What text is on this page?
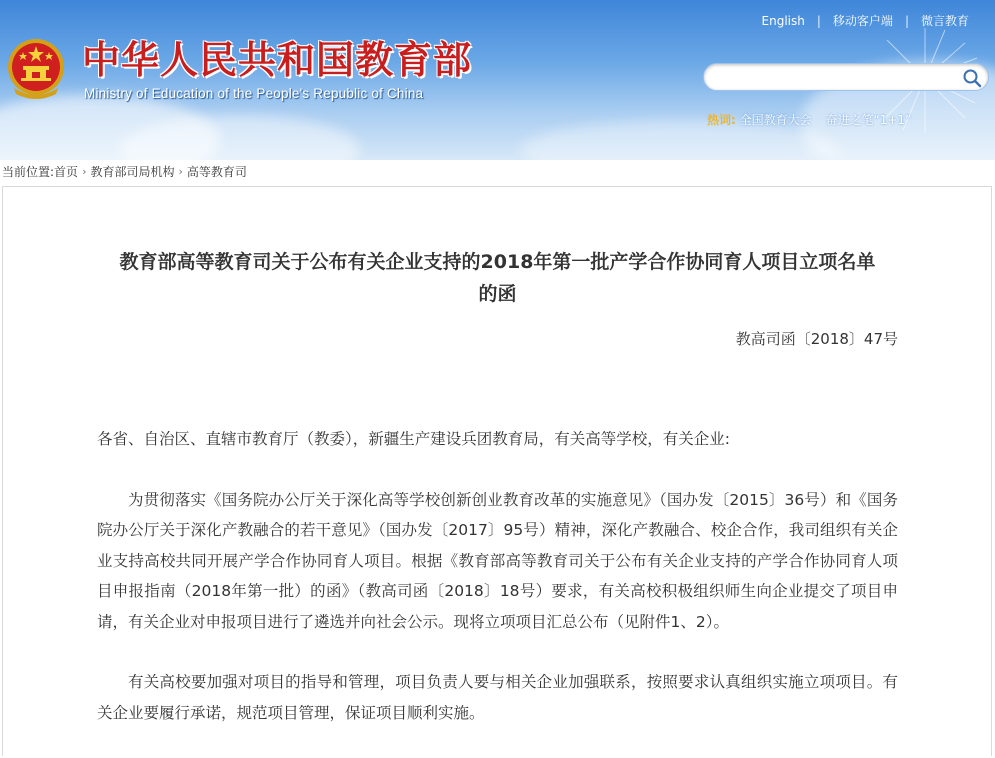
中华人民共和国教育部
Ministry of Education of the People's Republic of China
English | 移动客户端 | 微言教育
热词: 全国教育大会 奋进之笔“1+1”
当前位置: 首页 › 教育部司局机构 › 高等教育司
教育部高等教育司关于公布有关企业支持的2018年第一批产学合作协同育人项目立项名单
的函
教高司函〔2018〕47号

各省、自治区、直辖市教育厅（教委），新疆生产建设兵团教育局，有关高等学校，有关企业:

为贯彻落实《国务院办公厅关于深化高等学校创新创业教育改革的实施意见》（国办发〔2015〕36号）和《国务院办公厅关于深化产教融合的若干意见》（国办发〔2017〕95号）精神，深化产教融合、校企合作，我司组织有关企业支持高校共同开展产学合作协同育人项目。根据《教育部高等教育司关于公布有关企业支持的产学合作协同育人项目申报指南（2018年第一批）的函》（教高司函〔2018〕18号）要求，有关高校积极组织师生向企业提交了项目申请，有关企业对申报项目进行了遴选并向社会公示。现将立项项目汇总公布（见附件1、2）。

有关高校要加强对项目的指导和管理，项目负责人要与相关企业加强联系，按照要求认真组织实施立项项目。有关企业要履行承诺，规范项目管理，保证项目顺利实施。
